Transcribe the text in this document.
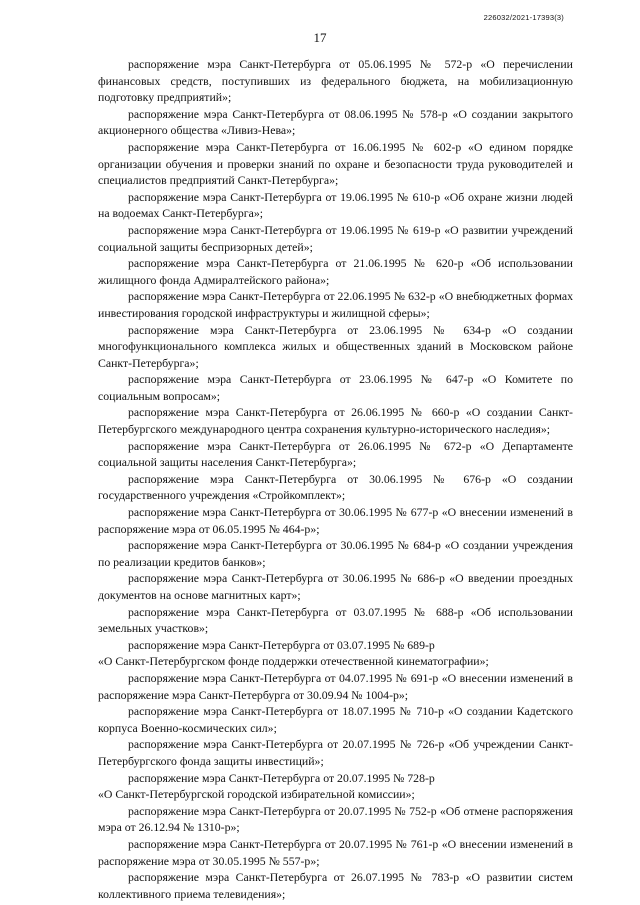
226032/2021-17393(3)
17

распоряжение мэра Санкт-Петербурга от 05.06.1995 № 572-р «О перечислении финансовых средств, поступивших из федерального бюджета, на мобилизационную подготовку предприятий»;

распоряжение мэра Санкт-Петербурга от 08.06.1995 № 578-р «О создании закрытого акционерного общества «Ливиз-Нева»;

распоряжение мэра Санкт-Петербурга от 16.06.1995 № 602-р «О едином порядке организации обучения и проверки знаний по охране и безопасности труда руководителей и специалистов предприятий Санкт-Петербурга»;

распоряжение мэра Санкт-Петербурга от 19.06.1995 № 610-р «Об охране жизни людей на водоемах Санкт-Петербурга»;

распоряжение мэра Санкт-Петербурга от 19.06.1995 № 619-р «О развитии учреждений социальной защиты беспризорных детей»;

распоряжение мэра Санкт-Петербурга от 21.06.1995 № 620-р «Об использовании жилищного фонда Адмиралтейского района»;

распоряжение мэра Санкт-Петербурга от 22.06.1995 № 632-р «О внебюджетных формах инвестирования городской инфраструктуры и жилищной сферы»;

распоряжение мэра Санкт-Петербурга от 23.06.1995 № 634-р «О создании многофункционального комплекса жилых и общественных зданий в Московском районе Санкт-Петербурга»;

распоряжение мэра Санкт-Петербурга от 23.06.1995 № 647-р «О Комитете по социальным вопросам»;

распоряжение мэра Санкт-Петербурга от 26.06.1995 № 660-р «О создании Санкт-Петербургского международного центра сохранения культурно-исторического наследия»;

распоряжение мэра Санкт-Петербурга от 26.06.1995 № 672-р «О Департаменте социальной защиты населения Санкт-Петербурга»;

распоряжение мэра Санкт-Петербурга от 30.06.1995 № 676-р «О создании государственного учреждения «Стройкомплект»;

распоряжение мэра Санкт-Петербурга от 30.06.1995 № 677-р «О внесении изменений в распоряжение мэра от 06.05.1995 № 464-р»;

распоряжение мэра Санкт-Петербурга от 30.06.1995 № 684-р «О создании учреждения по реализации кредитов банков»;

распоряжение мэра Санкт-Петербурга от 30.06.1995 № 686-р «О введении проездных документов на основе магнитных карт»;

распоряжение мэра Санкт-Петербурга от 03.07.1995 № 688-р «Об использовании земельных участков»;

распоряжение мэра Санкт-Петербурга от 03.07.1995 № 689-р
«О Санкт-Петербургском фонде поддержки отечественной кинематографии»;

распоряжение мэра Санкт-Петербурга от 04.07.1995 № 691-р «О внесении изменений в распоряжение мэра Санкт-Петербурга от 30.09.94 № 1004-р»;

распоряжение мэра Санкт-Петербурга от 18.07.1995 № 710-р «О создании Кадетского корпуса Военно-космических сил»;

распоряжение мэра Санкт-Петербурга от 20.07.1995 № 726-р «Об учреждении Санкт-Петербургского фонда защиты инвестиций»;

распоряжение мэра Санкт-Петербурга от 20.07.1995 № 728-р
«О Санкт-Петербургской городской избирательной комиссии»;

распоряжение мэра Санкт-Петербурга от 20.07.1995 № 752-р «Об отмене распоряжения мэра от 26.12.94 № 1310-р»;

распоряжение мэра Санкт-Петербурга от 20.07.1995 № 761-р «О внесении изменений в распоряжение мэра от 30.05.1995 № 557-р»;

распоряжение мэра Санкт-Петербурга от 26.07.1995 № 783-р «О развитии систем коллективного приема телевидения»;
